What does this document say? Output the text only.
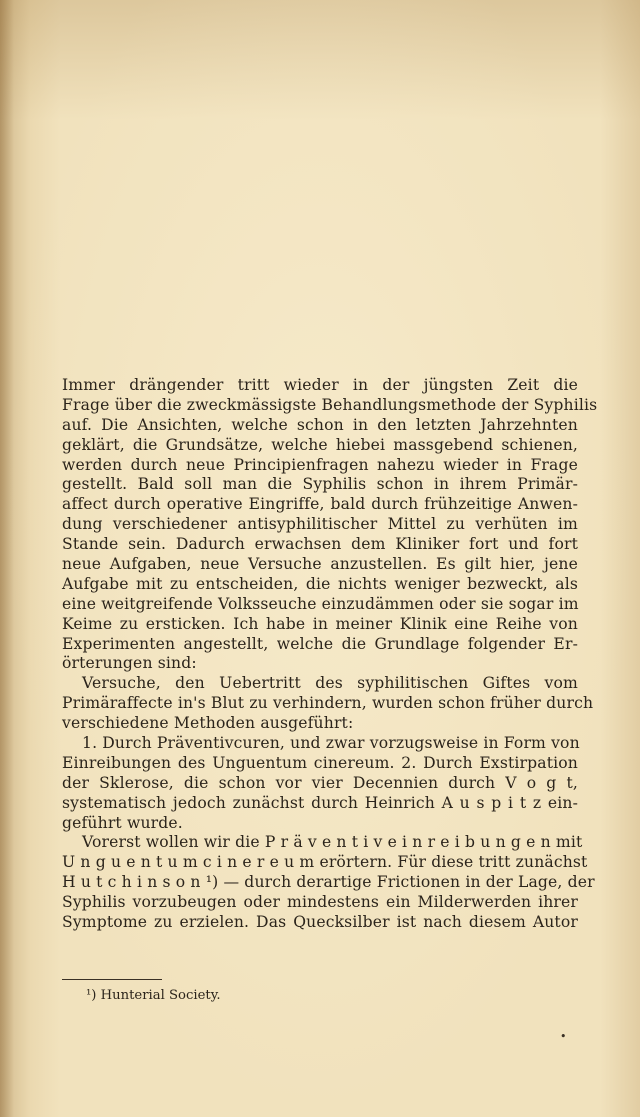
Immer drängender tritt wieder in der jüngsten Zeit die
Frage über die zweckmässigste Behandlungsmethode der Syphilis
auf. Die Ansichten, welche schon in den letzten Jahrzehnten
geklärt, die Grundsätze, welche hiebei massgebend schienen,
werden durch neue Principienfragen nahezu wieder in Frage
gestellt. Bald soll man die Syphilis schon in ihrem Primär-
affect durch operative Eingriffe, bald durch frühzeitige Anwen-
dung verschiedener antisyphilitischer Mittel zu verhüten im
Stande sein. Dadurch erwachsen dem Kliniker fort und fort
neue Aufgaben, neue Versuche anzustellen. Es gilt hier, jene
Aufgabe mit zu entscheiden, die nichts weniger bezweckt, als
eine weitgreifende Volksseuche einzudämmen oder sie sogar im
Keime zu ersticken. Ich habe in meiner Klinik eine Reihe von
Experimenten angestellt, welche die Grundlage folgender Er-
örterungen sind:
Versuche, den Uebertritt des syphilitischen Giftes vom
Primäraffecte in's Blut zu verhindern, wurden schon früher durch
verschiedene Methoden ausgeführt:
1. Durch Präventivcuren, und zwar vorzugsweise in Form von
Einreibungen des Unguentum cinereum. 2. Durch Exstirpation
der Sklerose, die schon vor vier Decennien durch V o g t,
systematisch jedoch zunächst durch Heinrich A u s p i t z ein-
geführt wurde.
Vorerst wollen wir die P r ä v e n t i v e i n r e i b u n g e n mit
U n g u e n t u m c i n e r e u m erörtern. Für diese tritt zunächst
H u t c h i n s o n ¹) — durch derartige Frictionen in der Lage, der
Syphilis vorzubeugen oder mindestens ein Milderwerden ihrer
Symptome zu erzielen. Das Quecksilber ist nach diesem Autor
¹) Hunterial Society.
•
